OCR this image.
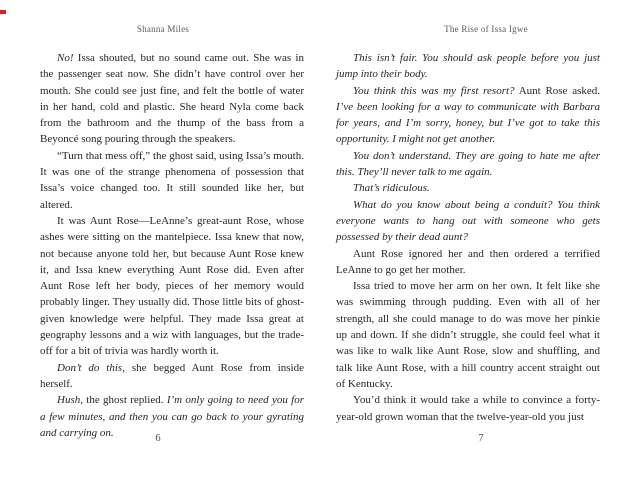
Shanna Miles

No! Issa shouted, but no sound came out. She was in the passenger seat now. She didn’t have control over her mouth. She could see just fine, and felt the bottle of water in her hand, cold and plastic. She heard Nyla come back from the bathroom and the thump of the bass from a Beyoncé song pouring through the speakers.

“Turn that mess off,” the ghost said, using Issa’s mouth. It was one of the strange phenomena of possession that Issa’s voice changed too. It still sounded like her, but altered.

It was Aunt Rose—LeAnne’s great-aunt Rose, whose ashes were sitting on the mantelpiece. Issa knew that now, not because anyone told her, but because Aunt Rose knew it, and Issa knew everything Aunt Rose did. Even after Aunt Rose left her body, pieces of her memory would probably linger. They usually did. Those little bits of ghost-given knowledge were helpful. They made Issa great at geography lessons and a wiz with languages, but the trade-off for a bit of trivia was hardly worth it.

Don’t do this, she begged Aunt Rose from inside herself.

Hush, the ghost replied. I’m only going to need you for a few minutes, and then you can go back to your gyrating and carrying on.	6
The Rise of Issa Igwe

This isn’t fair. You should ask people before you just jump into their body.

You think this was my first resort? Aunt Rose asked. I’ve been looking for a way to communicate with Barbara for years, and I’m sorry, honey, but I’ve got to take this opportunity. I might not get another.

You don’t understand. They are going to hate me after this. They’ll never talk to me again.

That’s ridiculous.

What do you know about being a conduit? You think everyone wants to hang out with someone who gets possessed by their dead aunt?

Aunt Rose ignored her and then ordered a terrified LeAnne to go get her mother.

Issa tried to move her arm on her own. It felt like she was swimming through pudding. Even with all of her strength, all she could manage to do was move her pinkie up and down. If she didn’t struggle, she could feel what it was like to walk like Aunt Rose, slow and shuffling, and talk like Aunt Rose, with a hill country accent straight out of Kentucky.

You’d think it would take a while to convince a forty-year-old grown woman that the twelve-year-old you just

7
